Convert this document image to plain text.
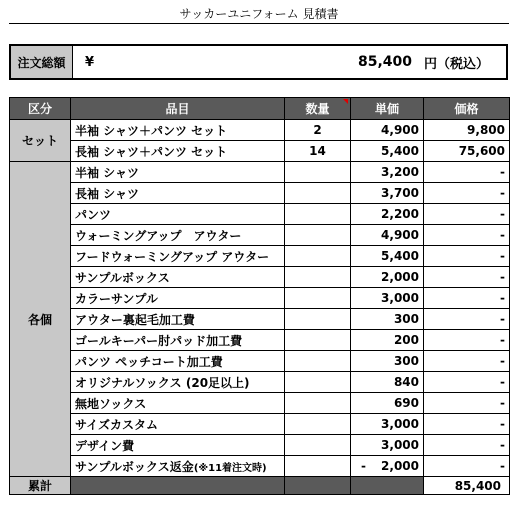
サッカーユニフォーム 見積書
注文総額	¥	85,400 円（税込）
区分	品目	数量	単価	価格
セット	半袖 シャツ＋パンツ セット	2	4,900	9,800
	長袖 シャツ＋パンツ セット	14	5,400	75,600
各個	半袖 シャツ		3,200	-
	長袖 シャツ		3,700	-
	パンツ		2,200	-
	ウォーミングアップ　アウター		4,900	-
	フードウォーミングアップ アウター		5,400	-
	サンプルボックス		2,000	-
	カラーサンプル		3,000	-
	アウター裏起毛加工費		300	-
	ゴールキーパー肘パッド加工費		200	-
	パンツ ペッチコート加工費		300	-
	オリジナルソックス (20足以上)		840	-
	無地ソックス		690	-
	サイズカスタム		3,000	-
	デザイン費		3,000	-
	サンプルボックス返金(※11着注文時)		- 2,000	-
累計				85,400
